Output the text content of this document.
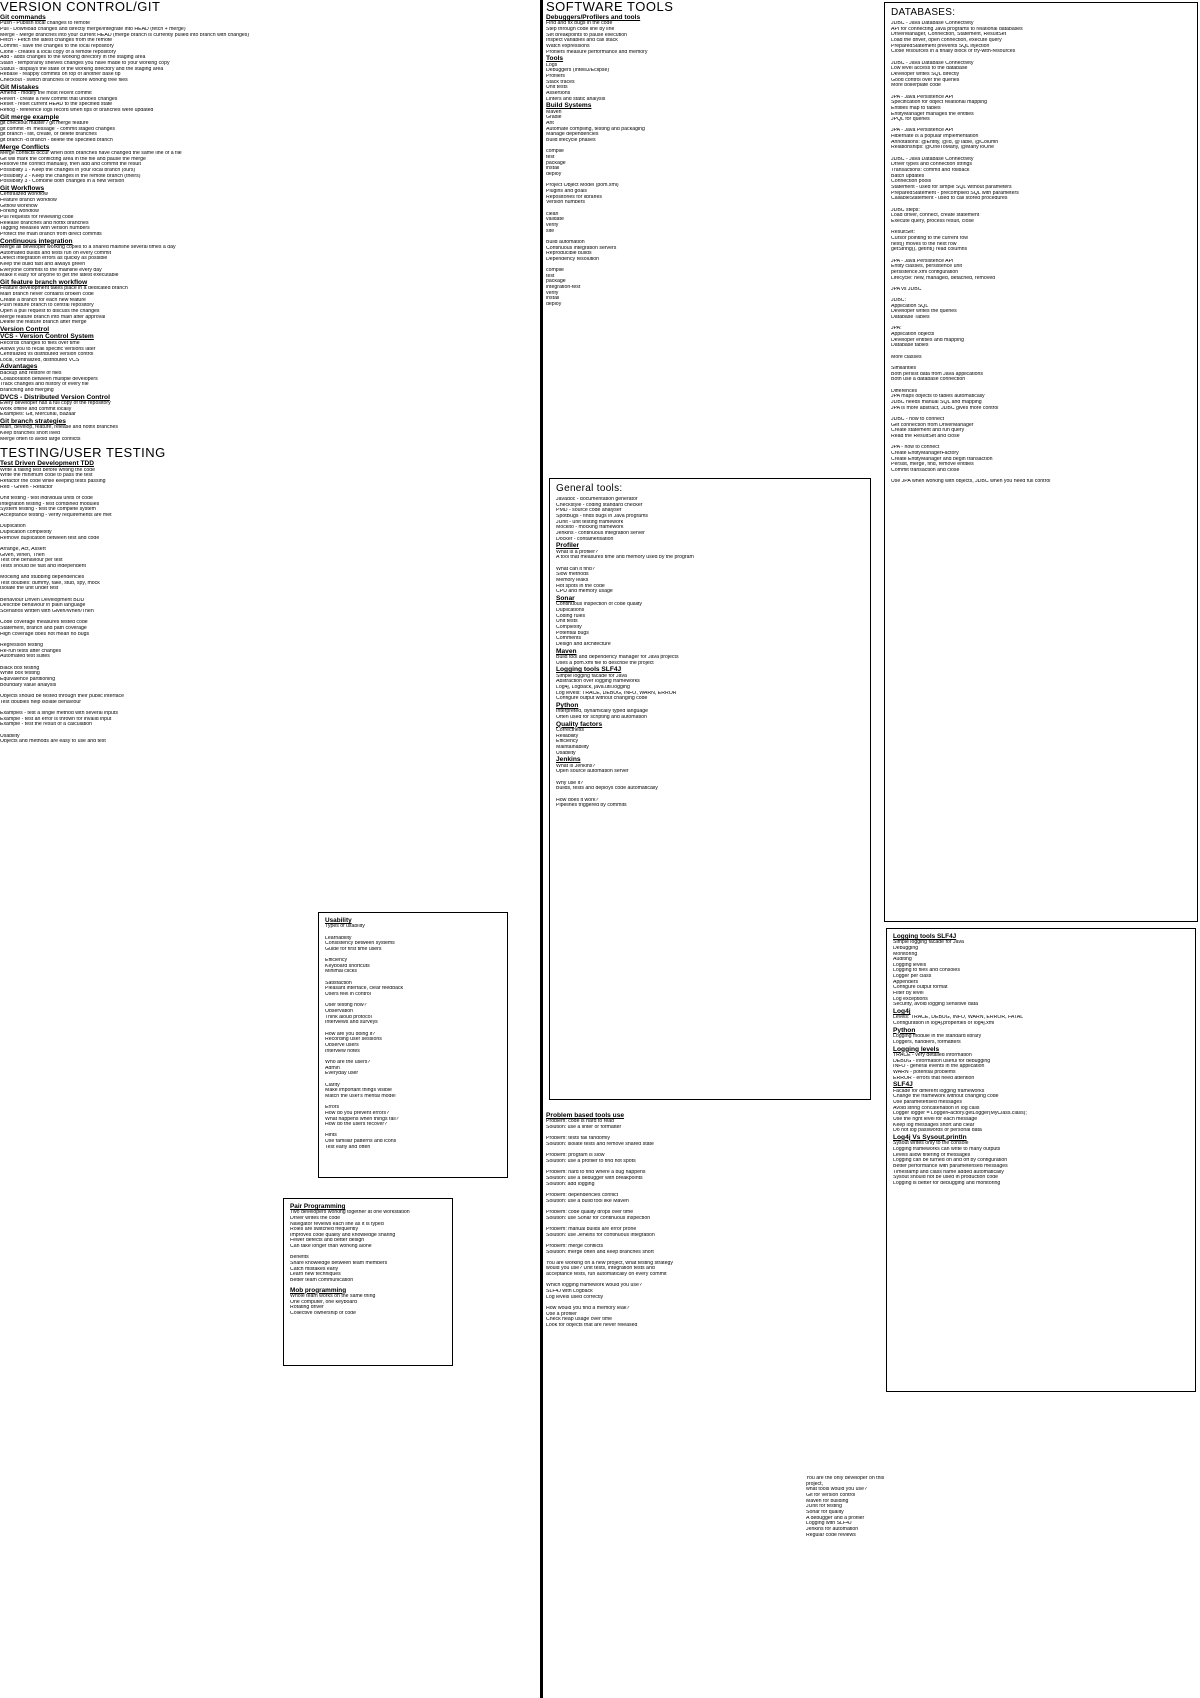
VERSION CONTROL/GIT
Git commands
Push - Publish local changes to remote
Pull - Download changes and directly merge/integrate into HEAD (fetch + merge)
Merge - Merge branches into your current HEAD (merge branch is currently pulled into branch with changes)
Fetch - Fetch the latest changes from the remote
Commit - save the changes to the local repository
Clone - creates a local copy of a remote repository
Add - adds changes to the working directory in the staging area
Stash - temporarily shelves changes you have made to your working copy
Status - displays the state of the working directory and the staging area
Rebase - reapply commits on top of another base tip
Checkout - switch branches or restore working tree files
Git Mistakes
Amend - modify the most recent commit
Revert - create a new commit that undoes changes
Reset - reset current HEAD to the specified state
Reflog - reference logs record when tips of branches were updated
Git merge example
git checkout master / git merge feature
git commit -m 'message' - commit staged changes
git branch - list, create, or delete branches
git branch -d branch - delete the specified branch
Merge Conflicts
Merge conflicts occur when both branches have changed the same line of a file
Git will mark the conflicting area in the file and pause the merge
Resolve the conflict manually, then add and commit the result
Possibility 1 - Keep the changes in your local branch (ours)
Possibility 2 - Keep the changes in the remote branch (theirs)
Possibility 3 - Combine both changes in a new version
Git Workflows
Centralized workflow
Feature branch workflow
Gitflow workflow
Forking workflow
Pull requests for reviewing code
Release branches and hotfix branches
Tagging releases with version numbers
Protect the main branch from direct commits
Continuous integration
Merge all developer working copies to a shared mainline several times a day
Automated builds and tests run on every commit
Detect integration errors as quickly as possible
Keep the build fast and always green
Everyone commits to the mainline every day
Make it easy for anyone to get the latest executable
Git feature branch workflow
Feature development takes place in a dedicated branch
Main branch never contains broken code
Create a branch for each new feature
Push feature branch to central repository
Open a pull request to discuss the changes
Merge feature branch into main after approval
Delete the feature branch after merge
Version Control
VCS - Version Control System
Records changes to files over time
Allows you to recall specific versions later
Centralized vs distributed version control
Local, centralized, distributed VCS
Advantages
Backup and restore of files
Collaboration between multiple developers
Track changes and history of every file
Branching and merging
DVCS - Distributed Version Control
Every developer has a full copy of the repository
Work offline and commit locally
Examples: Git, Mercurial, Bazaar
Git branch strategies
Main, develop, feature, release and hotfix branches
Keep branches short lived
Merge often to avoid large conflicts
TESTING/USER TESTING
Test Driven Development TDD
Write a failing test before writing the code
Write the minimum code to pass the test
Refactor the code while keeping tests passing
Red - Green - Refactor

Unit testing - test individual units of code
Integration testing - test combined modules
System testing - test the complete system
Acceptance testing - verify requirements are met

Duplication
Duplication complexity
Remove duplication between test and code

Arrange, Act, Assert
Given, When, Then
Test one behaviour per test
Tests should be fast and independent

Mocking and stubbing dependencies
Test doubles: dummy, fake, stub, spy, mock
Isolate the unit under test

Behaviour Driven Development BDD
Describe behaviour in plain language
Scenarios written with Given/When/Then

Code coverage measures tested code
Statement, branch and path coverage
High coverage does not mean no bugs

Regression testing
Re-run tests after changes
Automated test suites

Black box testing
White box testing
Equivalence partitioning
Boundary value analysis

Objects should be tested through their public interface
Test doubles help isolate behaviour

Examples - test a single method with several inputs
Example - test an error is thrown for invalid input
Example - test the result of a calculation

Usability
Objects and methods are easy to use and test
Usability
Types of usability

Learnability
Consistency between systems
Guide for first time users

Efficiency
Keyboard shortcuts
Minimal clicks

Satisfaction
Pleasant interface, clear feedback
Users feel in control

User testing how?
Observation
Think aloud protocol
Interviews and surveys

How are you doing it?
Recording user sessions
Observe users
Interview notes

Who are the users?
Admin
Everyday user

Clarity
Make important things visible
Match the user's mental model

Errors
How do you prevent errors?
What happens when things fail?
How do the users recover?

Hints
Use familiar patterns and icons
Test early and often
Pair Programming
Two developers working together at one workstation
Driver writes the code
Navigator reviews each line as it is typed
Roles are switched frequently
Improves code quality and knowledge sharing
Fewer defects and better design
Can take longer than working alone

Benefits
Share knowledge between team members
Catch mistakes early
Learn new techniques
Better team communication
Mob programming
Whole team works on the same thing
One computer, one keyboard
Rotating driver
Collective ownership of code
SOFTWARE TOOLS
Debuggers/Profilers and tools
Find and fix bugs in the code
Step through code line by line
Set breakpoints to pause execution
Inspect variables and call stack
Watch expressions
Profilers measure performance and memory
Tools
Logs
Debuggers (IntelliJ/Eclipse)
Profilers
Stack traces
Unit tests
Assertions
Linters and static analysis
Build Systems
Maven
Gradle
Ant
Automate compiling, testing and packaging
Manage dependencies
Build lifecycle phases

compile
test
package
install
deploy

Project Object Model (pom.xml)
Plugins and goals
Repositories for libraries
Version numbers

clean
validate
verify
site

Build automation
Continuous integration servers
Reproducible builds
Dependency resolution

compile
test
package
integration-test
verify
install
deploy
General tools:
Javadoc - documentation generator
Checkstyle - coding standard checker
PMD - source code analyser
SpotBugs - finds bugs in Java programs
JUnit - unit testing framework
Mockito - mocking framework
Jenkins - continuous integration server
Docker - containerisation
Profiler
What is a profiler?
A tool that measures time and memory used by the program

What can it find?
Slow methods
Memory leaks
Hot spots in the code
CPU and memory usage
Sonar
Continuous inspection of code quality
Duplications
Coding rules
Unit tests
Complexity
Potential bugs
Comments
Design and architecture
Maven
Build tool and dependency manager for Java projects
Uses a pom.xml file to describe the project
Logging tools SLF4J
Simple logging facade for Java
Abstraction over logging frameworks
Log4j, Logback, java.util.logging
Log levels: TRACE, DEBUG, INFO, WARN, ERROR
Configure output without changing code
Python
Interpreted, dynamically typed language
Often used for scripting and automation
Quality factors
Correctness
Reliability
Efficiency
Maintainability
Usability
Jenkins
What is Jenkins?
Open source automation server

Why use it?
Builds, tests and deploys code automatically

How does it work?
Pipelines triggered by commits
Problem based tools use
Problem: code is hard to read
Solution: use a linter or formatter

Problem: tests fail randomly
Solution: isolate tests and remove shared state

Problem: program is slow
Solution: use a profiler to find hot spots

Problem: hard to find where a bug happens
Solution: use a debugger with breakpoints
Solution: add logging

Problem: dependencies conflict
Solution: use a build tool like Maven

Problem: code quality drops over time
Solution: use Sonar for continuous inspection

Problem: manual builds are error prone
Solution: use Jenkins for continuous integration

Problem: merge conflicts
Solution: merge often and keep branches short

You are working on a new project, what testing strategy
would you use? Unit tests, integration tests and
acceptance tests, run automatically on every commit

Which logging framework would you use?
SLF4J with Logback
Log levels used correctly

How would you find a memory leak?
Use a profiler
Check heap usage over time
Look for objects that are never released
You are the only developer on this project,
what tools would you use?
Git for version control
Maven for building
JUnit for testing
Sonar for quality
A debugger and a profiler
Logging with SLF4J
Jenkins for automation
Regular code reviews
DATABASES:
JDBC - Java Database Connectivity
API for connecting Java programs to relational databases
DriverManager, Connection, Statement, ResultSet
Load the driver, open connection, execute query
PreparedStatement prevents SQL injection
Close resources in a finally block or try-with-resources

JDBC - Java Database Connectivity
Low level access to the database
Developer writes SQL directly
Good control over the queries
More boilerplate code

JPA - Java Persistence API
Specification for object relational mapping
Entities map to tables
EntityManager manages the entities
JPQL for queries

JPA - Java Persistence API
Hibernate is a popular implementation
Annotations: @Entity, @Id, @Table, @Column
Relationships: @OneToMany, @ManyToOne

JDBC - Java Database Connectivity
Driver types and connection strings
Transactions: commit and rollback
Batch updates
Connection pools
Statement - used for simple SQL without parameters
PreparedStatement - precompiled SQL with parameters
CallableStatement - used to call stored procedures

JDBC steps:
Load driver, connect, create statement
Execute query, process result, close

ResultSet:
Cursor pointing to the current row
next() moves to the next row
getString(), getInt() read columns

JPA - Java Persistence API
Entity classes, persistence unit
persistence.xml configuration
Lifecycle: new, managed, detached, removed

JPA vs JDBC

JDBC:
Application SQL
Developer writes the queries
Database Tables

JPA:
Application objects
Developer entities and mapping
Database tables

More classes

Similarities
Both persist data from Java applications
Both use a database connection

Differences
JPA maps objects to tables automatically
JDBC needs manual SQL and mapping
JPA is more abstract, JDBC gives more control

JDBC - how to connect
Get connection from DriverManager
Create statement and run query
Read the ResultSet and close

JPA - how to connect
Create EntityManagerFactory
Create EntityManager and begin transaction
Persist, merge, find, remove entities
Commit transaction and close

Use JPA when working with objects, JDBC when you need full control
Logging tools SLF4J
Simple logging facade for Java
Debugging
Monitoring
Auditing
Logging levels
Logging to files and consoles
Logger per class
Appenders
Configure output format
Filter by level
Log exceptions
Security, avoid logging sensitive data
Log4j
Levels: TRACE, DEBUG, INFO, WARN, ERROR, FATAL
Configuration in log4j.properties or log4j.xml
Python
Logging module in the standard library
Loggers, handlers, formatters
Logging levels
TRACE - very detailed information
DEBUG - information useful for debugging
INFO - general events in the application
WARN - potential problems
ERROR - errors that need attention
SLF4J
Facade for different logging frameworks
Change the framework without changing code
Use parameterised messages
Avoid string concatenation in log calls
Logger logger = LoggerFactory.getLogger(MyClass.class);
Use the right level for each message
Keep log messages short and clear
Do not log passwords or personal data
Log4j Vs Sysout.println
Sysout writes only to the console
Logging frameworks can write to many outputs
Levels allow filtering of messages
Logging can be turned on and off by configuration
Better performance with parameterised messages
Timestamp and class name added automatically
Sysout should not be used in production code
Logging is better for debugging and monitoring
